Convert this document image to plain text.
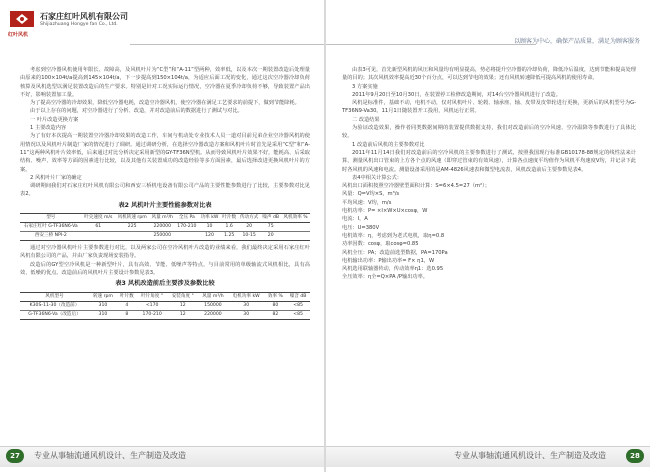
红叶风机
石家庄红叶风机有限公司
Shijiazhuang Hongye fan Co., Ltd.

考虑到空冷器风机使用年限长、故障高，及风机叶片为“C型”和“A-11”型两种，效率低，以及本次一期装置改造后处理量由原来的100×104t/a提高到145×104t/a，下一步提高到150×104t/a，为适应后面工况的变化，通过这次空冷器冷却负荷核算及风机选型以满足装置改造后的生产要求。特别是针对工况实际运行情况，空冷器在夏季冷却负荷不够，导致装置产品出不好，影响装置加工量。

为了提高空冷器的冷却效果，降低空冷器电耗，改造空冷器风机，使空冷器在满足工艺要求的前提下，做到节能降耗。

由于以上存在的问题，对空冷器进行了分析、改造，并对改造前后的数据进行了测试与对比。

一 叶片改造更换方案

1 主要改造内容

为了有好本次提高一期装置空冷器冷却效果的改造工作，车间与机动处专业技术人员一道对目前兄弟企业空冷器风机的使用情况以及风机叶片制造厂家的情况进行了调研。通过调研分析，在选择空冷器改造方案和风机叶片时首先是采用“C型”和“A-11”这两种风机叶片效率低，后来通过对比分析决定采用新型的GY-TF36N型机。从而导致风机叶片效果不好，能耗高、后采取结构、噪声、效率等方面的因素进行比较，以及其他有关装置成功的改造经验等多方面因素，最后选择改进更换风机叶片的方案。

2 风机叶片厂家的确定

调研期间我们对石家庄红叶风机有限公司和西安三桥机电设备有限公司产品的主要性能参数进行了比较，主要参数对比见表2。

表2 风机叶片主要性能参数对比表
型号	叶尖速度 m/s	风机转速 rpm	风量 m³/h	全压 Pa	功率 kW	叶片数	传动方式	噪声 dB	风机效率 %
石家庄红叶 G-TF36N6-Va	61	225	220000	170-210	10	1.6	20	75	
西安三桥 NPI-2			250000		120	1.25	10-15	20	

通过对空冷器风机叶片主要参数进行对比，以及两家公司在空冷风机叶片改造的业绩来看，我们最终决定采用石家庄红叶风机有限公司的产品，并由厂家负责现场安装指导。

改造后的GY型空冷风机是一种新型叶片，具有高效、节能、低噪声等特点，与目前常用的单级轴流式风机相比，具有高效、低噪的优点。改造前后的风机叶片主要设计参数见表3。

表3 风机改造前后主要涉及参数比较
风机型号	转速 rpm	叶片数	叶片角度 °	安装角度 °	风量 m³/h	电机功率 kW	效率 %	噪音 dB
K30S-11-30（改造前）	310	4	<170	12	150000	30	80	<85
G-TF36N6-Va（改造后）	310	8	170-210	12	220000	30	82	<85
27	专业从事轴流通风机设计、生产制造及改造
以顾客为中心，确保产品质量，满足为顾客服务

由表3可见，首先新型风机的风压和风量均有明显提高，势必将提升空冷器的冷却负荷，降低冷后温度，达到节能和提高处理量的目的；其次风机效率提高近30个百分点，可以达到节电的效果；还有风机转速降低可提高风机的使用寿命。

3 方案实施

2011年9月20日至10月30日，在装置停工检修改造期间，对14台空冷器风机进行了改造。

风机是标准件，基础不动，电机不动，仅对风机叶片、轮毂、轴承座、轴、皮带及皮带轮进行更换，更新后的风机型号为G-TF36N9-Va30。11月1日随装置开工投用，风机运行正常。

二 改造结果

为验证改造效果，操作者同类数据间期的装置提供数据支持，我们对改造前后的空冷风速、空冷温降等参数进行了具体比较。

1 改造前后风机的主要参数对比

2011年11月14日我们对改造前后的空冷风机的主要参数进行了测试，按照我国现行标准GB10178-88规定的线性法来计算，测量风机出口管束的上方各个点的风速（即穿过管束的有效风速），计算各点速度平均值作为风机平均速度V均，并记录下此时各风机的风速和电流。测量设备采用的是AM-4826风速表和微型电流表，风机改造前后主要参数见表4。

表4中相关计算公式：

风机出口面积按照空冷器壁型面积计算：S=6×4.5=27（m²）；

风量：Q=V均×S，m³/s

平均风速：V均，m/s

电机功率：P= ×I×W×U×cosφ，W

电流：I，A

电压：U=380V

电机效率：η，考虑到为老式电机，取η=0.8

功率因数：cosφ，取cosφ=0.85

风机全压：PA；改造前选型数据，PA=170Pa

电机输出功率：P输出功率= F× η1，W

风机选用联轴器传动，传动效率η1：选0.95

全压效率：η全=Q×PA /P输出功率。

专业从事轴流通风机设计、生产制造及改造	28
